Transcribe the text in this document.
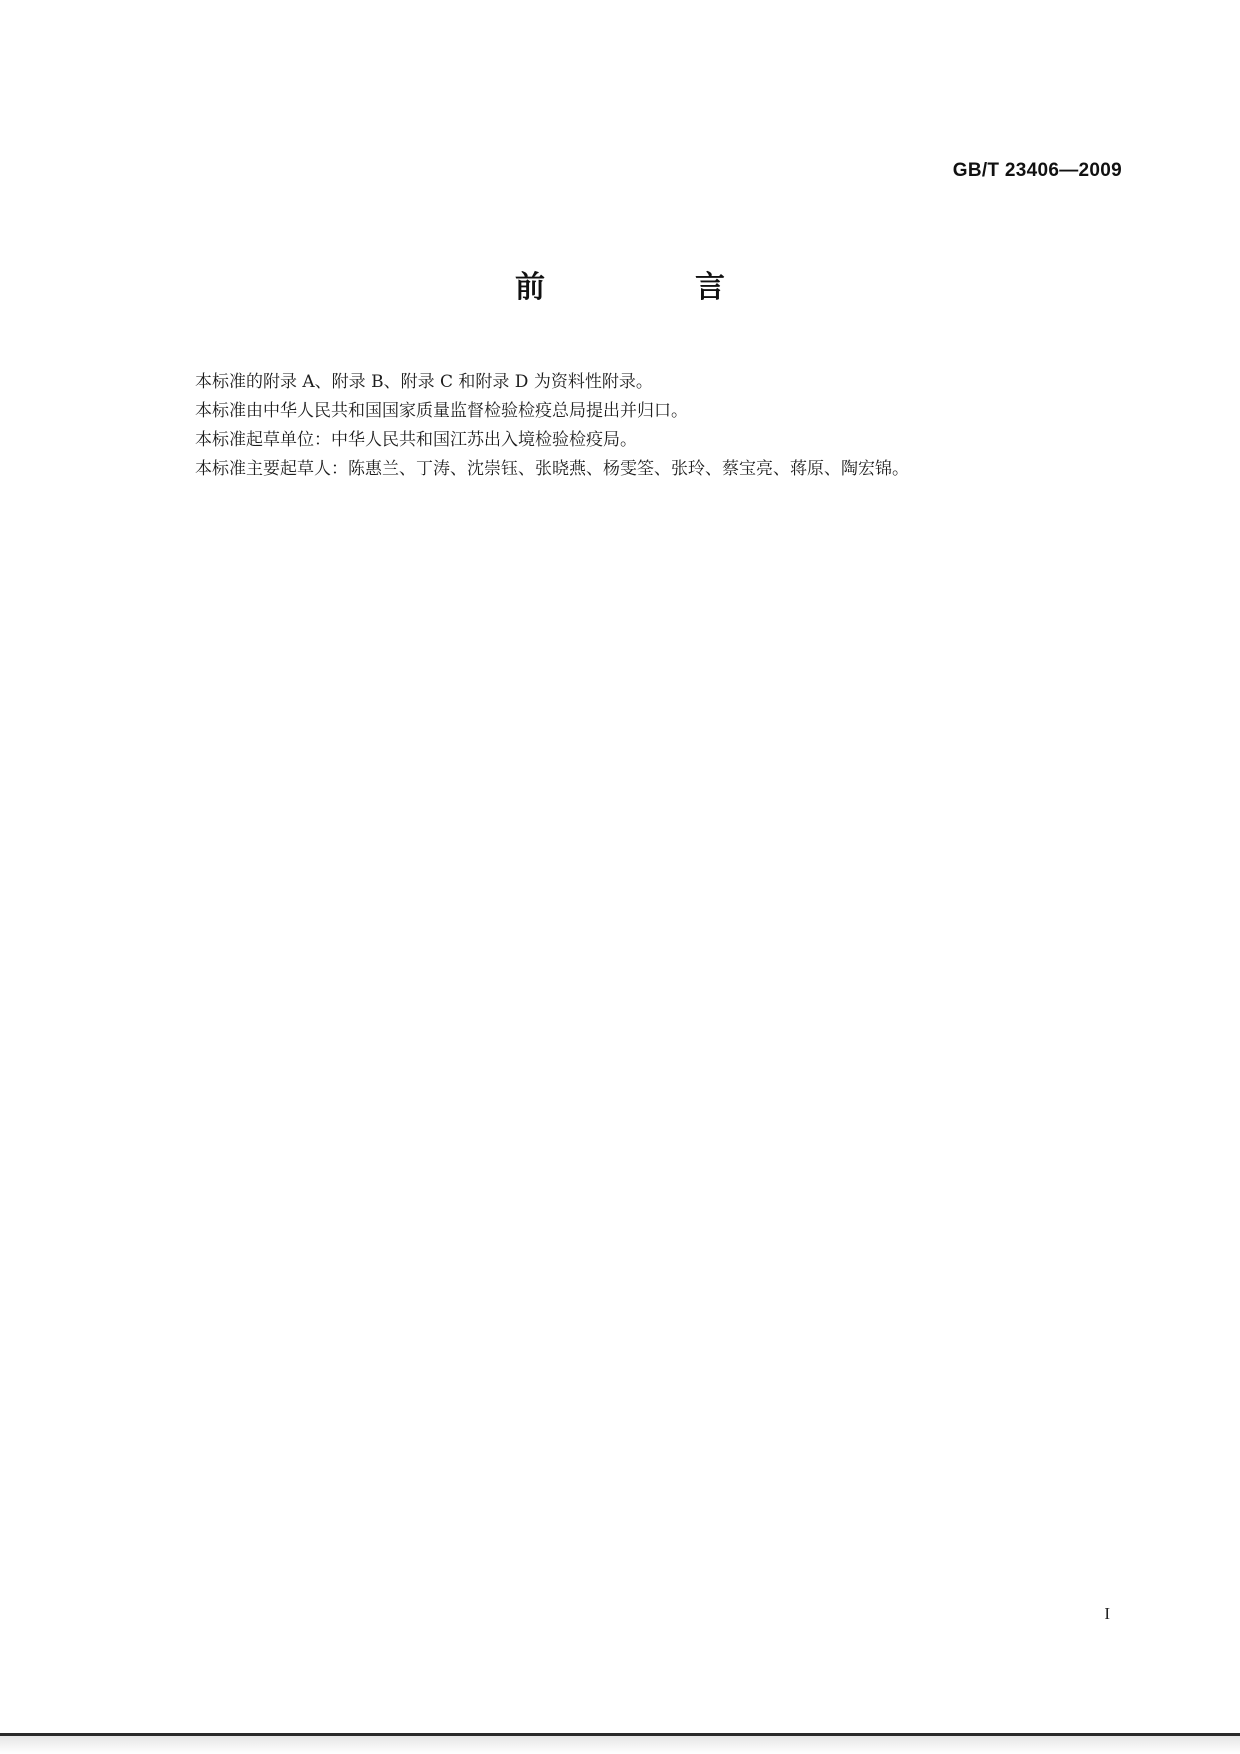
GB/T 23406—2009
前　言
本标准的附录 A、附录 B、附录 C 和附录 D 为资料性附录。
本标准由中华人民共和国国家质量监督检验检疫总局提出并归口。
本标准起草单位：中华人民共和国江苏出入境检验检疫局。
本标准主要起草人：陈惠兰、丁涛、沈崇钰、张晓燕、杨雯筌、张玲、蔡宝亮、蒋原、陶宏锦。
I
